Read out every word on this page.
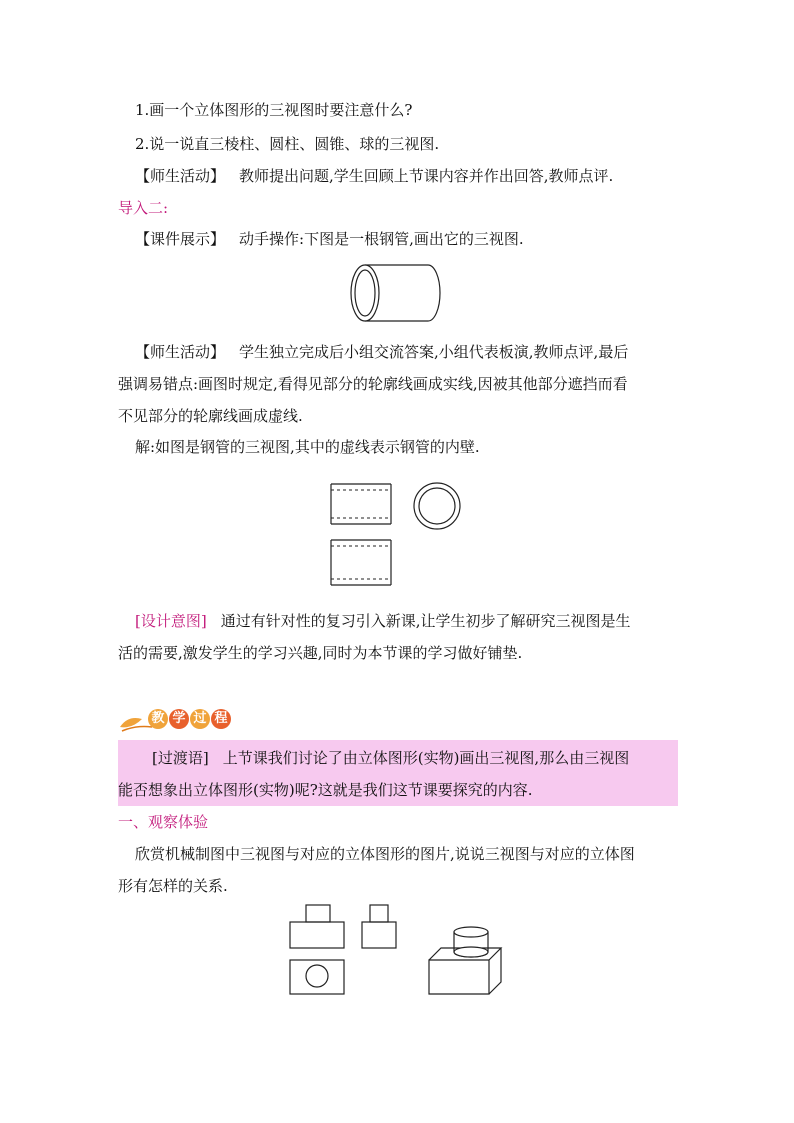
1.画一个立体图形的三视图时要注意什么?
2.说一说直三棱柱、圆柱、圆锥、球的三视图.
【师生活动】 教师提出问题,学生回顾上节课内容并作出回答,教师点评.
导入二:
【课件展示】 动手操作:下图是一根钢管,画出它的三视图.
【师生活动】 学生独立完成后小组交流答案,小组代表板演,教师点评,最后
强调易错点:画图时规定,看得见部分的轮廓线画成实线,因被其他部分遮挡而看
不见部分的轮廓线画成虚线.
解:如图是钢管的三视图,其中的虚线表示钢管的内壁.
[设计意图] 通过有针对性的复习引入新课,让学生初步了解研究三视图是生
活的需要,激发学生的学习兴趣,同时为本节课的学习做好铺垫.
教 学 过 程
[过渡语] 上节课我们讨论了由立体图形(实物)画出三视图,那么由三视图
能否想象出立体图形(实物)呢?这就是我们这节课要探究的内容.
一、观察体验
欣赏机械制图中三视图与对应的立体图形的图片,说说三视图与对应的立体图
形有怎样的关系.
